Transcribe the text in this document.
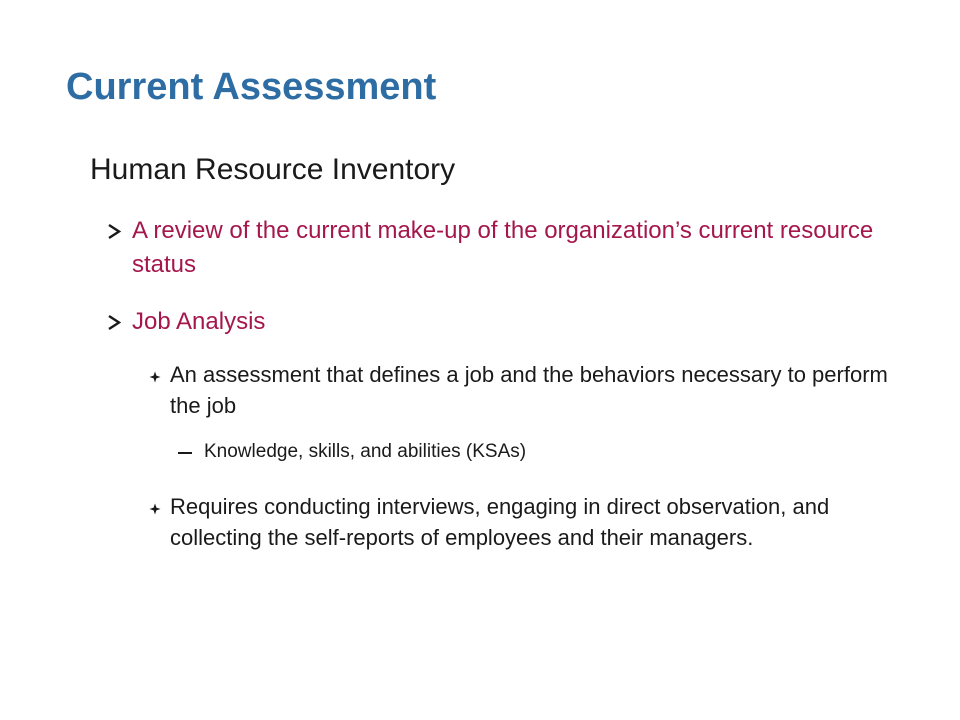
Current Assessment
Human Resource Inventory
A review of the current make-up of the organization’s current resource status
Job Analysis
An assessment that defines a job and the behaviors necessary to perform the job
Knowledge, skills, and abilities (KSAs)
Requires conducting interviews, engaging in direct observation, and collecting the self-reports of employees and their managers.
